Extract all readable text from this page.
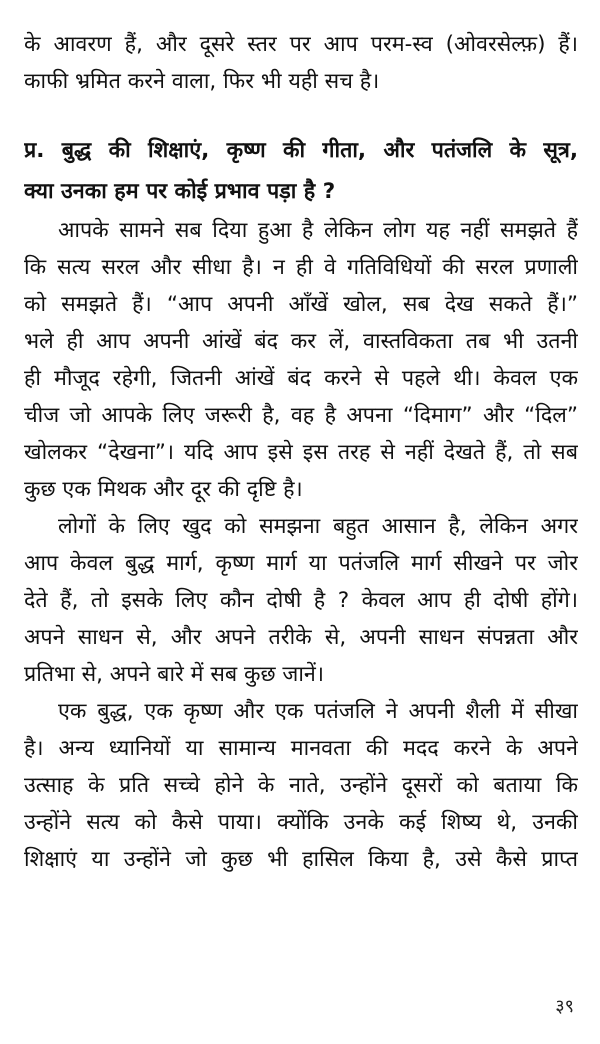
के आवरण हैं, और दूसरे स्तर पर आप परम-स्व (ओवरसेल्फ़) हैं।
काफी भ्रमित करने वाला, फिर भी यही सच है।
प्र. बुद्ध की शिक्षाएं, कृष्ण की गीता, और पतंजलि के सूत्र,
क्या उनका हम पर कोई प्रभाव पड़ा है ?
आपके सामने सब दिया हुआ है लेकिन लोग यह नहीं समझते हैं
कि सत्य सरल और सीधा है। न ही वे गतिविधियों की सरल प्रणाली
को समझते हैं। “आप अपनी आँखें खोल, सब देख सकते हैं।”
भले ही आप अपनी आंखें बंद कर लें, वास्तविकता तब भी उतनी
ही मौजूद रहेगी, जितनी आंखें बंद करने से पहले थी। केवल एक
चीज जो आपके लिए जरूरी है, वह है अपना “दिमाग” और “दिल”
खोलकर “देखना”। यदि आप इसे इस तरह से नहीं देखते हैं, तो सब
कुछ एक मिथक और दूर की दृष्टि है।
लोगों के लिए खुद को समझना बहुत आसान है, लेकिन अगर
आप केवल बुद्ध मार्ग, कृष्ण मार्ग या पतंजलि मार्ग सीखने पर जोर
देते हैं, तो इसके लिए कौन दोषी है ? केवल आप ही दोषी होंगे।
अपने साधन से, और अपने तरीके से, अपनी साधन संपन्नता और
प्रतिभा से, अपने बारे में सब कुछ जानें।
एक बुद्ध, एक कृष्ण और एक पतंजलि ने अपनी शैली में सीखा
है। अन्य ध्यानियों या सामान्य मानवता की मदद करने के अपने
उत्साह के प्रति सच्चे होने के नाते, उन्होंने दूसरों को बताया कि
उन्होंने सत्य को कैसे पाया। क्योंकि उनके कई शिष्य थे, उनकी
शिक्षाएं या उन्होंने जो कुछ भी हासिल किया है, उसे कैसे प्राप्त
३९
